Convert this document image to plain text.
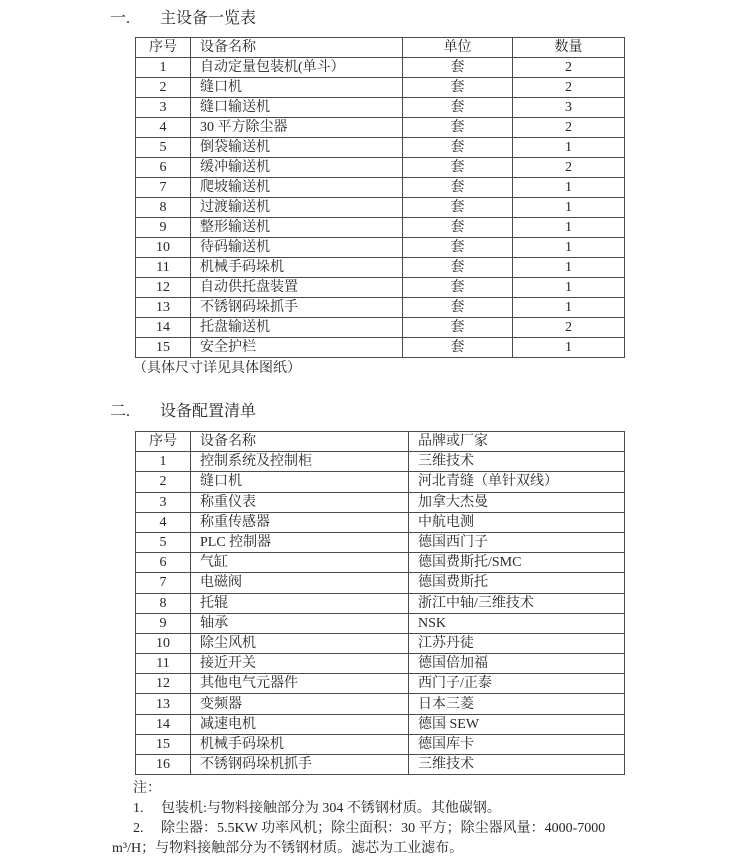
一. 主设备一览表
序号	设备名称	单位	数量
1	自动定量包装机(单斗）	套	2
2	缝口机	套	2
3	缝口输送机	套	3
4	30 平方除尘器	套	2
5	倒袋输送机	套	1
6	缓冲输送机	套	2
7	爬坡输送机	套	1
8	过渡输送机	套	1
9	整形输送机	套	1
10	待码输送机	套	1
11	机械手码垛机	套	1
12	自动供托盘装置	套	1
13	不锈钢码垛抓手	套	1
14	托盘输送机	套	2
15	安全护栏	套	1
（具体尺寸详见具体图纸）
二. 设备配置清单
序号	设备名称	品牌或厂家
1	控制系统及控制柜	三维技术
2	缝口机	河北青缝（单针双线）
3	称重仪表	加拿大杰曼
4	称重传感器	中航电测
5	PLC 控制器	德国西门子
6	气缸	德国费斯托/SMC
7	电磁阀	德国费斯托
8	托辊	浙江中轴/三维技术
9	轴承	NSK
10	除尘风机	江苏丹徒
11	接近开关	德国倍加福
12	其他电气元器件	西门子/正泰
13	变频器	日本三菱
14	减速电机	德国 SEW
15	机械手码垛机	德国库卡
16	不锈钢码垛机抓手	三维技术
注：
1. 包装机:与物料接触部分为 304 不锈钢材质。其他碳钢。
2. 除尘器：5.5KW 功率风机；除尘面积：30 平方；除尘器风量：4000-7000
m³/H；与物料接触部分为不锈钢材质。滤芯为工业滤布。
